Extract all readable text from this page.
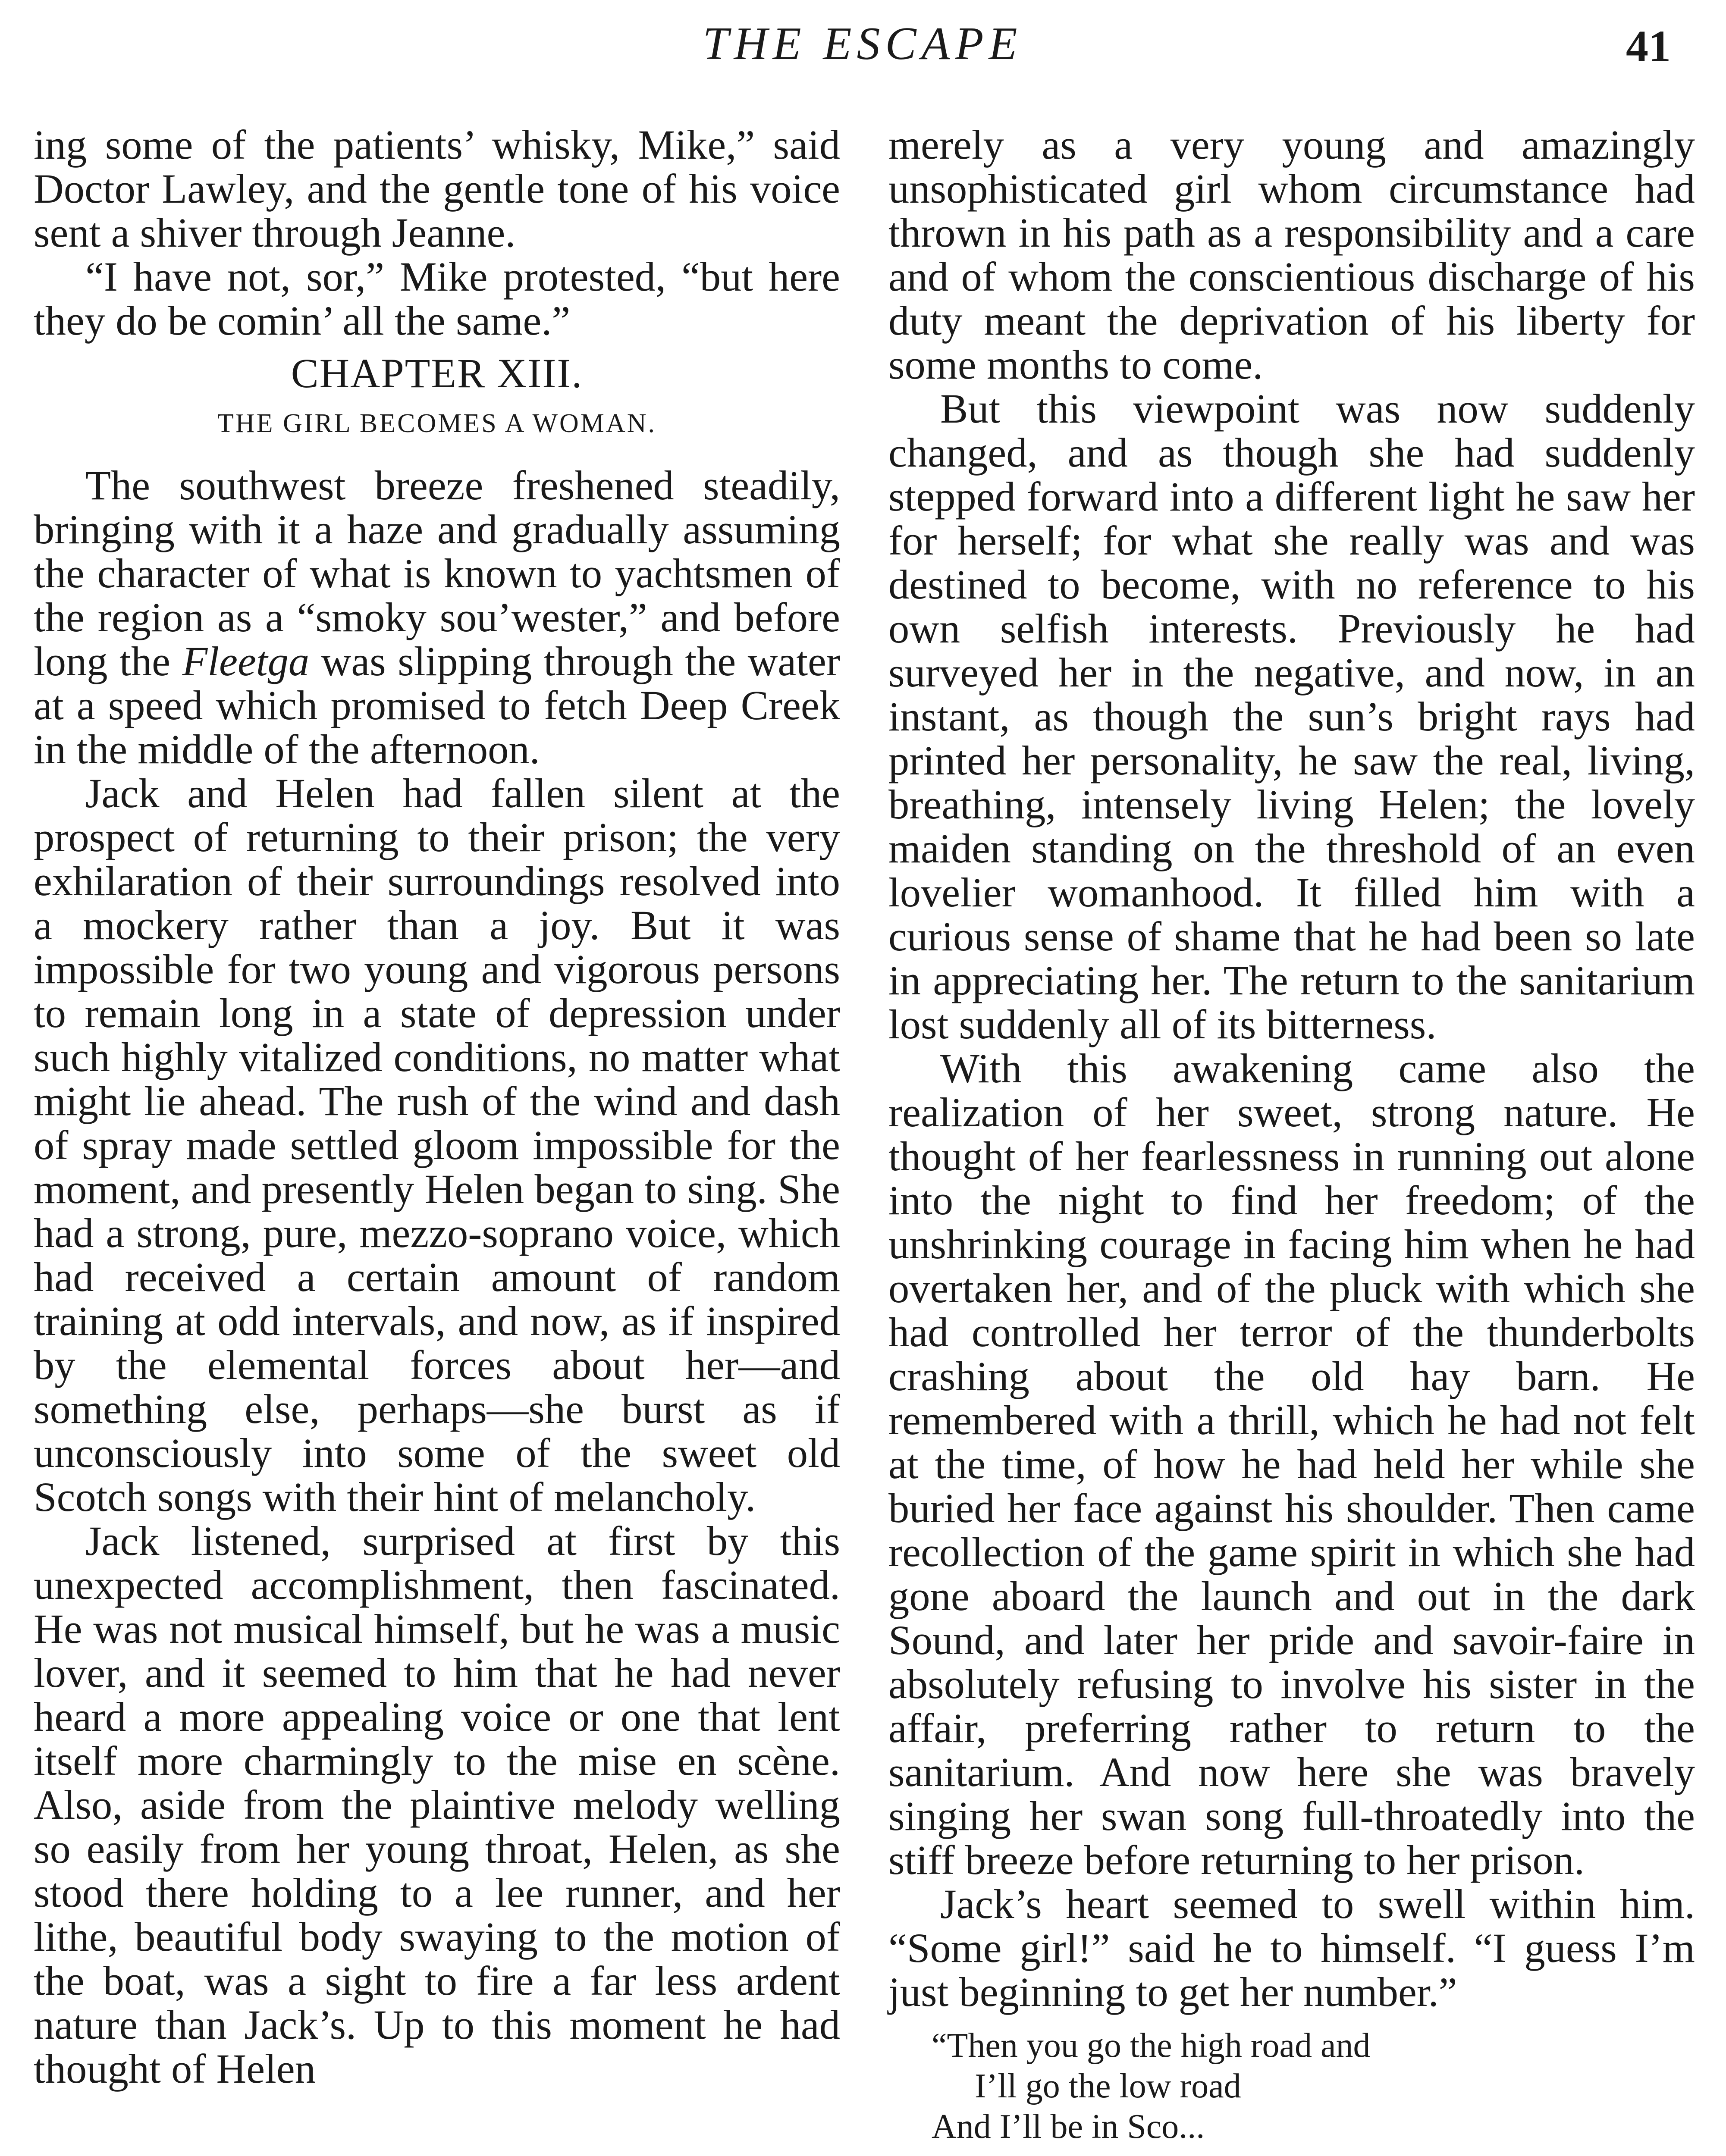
THE ESCAPE	41

ing some of the patients’ whisky, Mike,” said Doctor Lawley, and the gentle tone of his voice sent a shiver through Jeanne.

“I have not, sor,” Mike protested, “but here they do be comin’ all the same.”

CHAPTER XIII.
THE GIRL BECOMES A WOMAN.

The southwest breeze freshened steadily, bringing with it a haze and gradually assuming the character of what is known to yachtsmen of the region as a “smoky sou’wester,” and before long the Fleetga was slipping through the water at a speed which promised to fetch Deep Creek in the middle of the afternoon.

Jack and Helen had fallen silent at the prospect of returning to their prison; the very exhilaration of their surroundings resolved into a mockery rather than a joy. But it was impossible for two young and vigorous persons to remain long in a state of depression under such highly vitalized conditions, no matter what might lie ahead. The rush of the wind and dash of spray made settled gloom impossible for the moment, and presently Helen began to sing. She had a strong, pure, mezzo-soprano voice, which had received a certain amount of random training at odd intervals, and now, as if inspired by the elemental forces about her—and something else, perhaps—she burst as if unconsciously into some of the sweet old Scotch songs with their hint of melancholy.

Jack listened, surprised at first by this unexpected accomplishment, then fascinated. He was not musical himself, but he was a music lover, and it seemed to him that he had never heard a more appealing voice or one that lent itself more charmingly to the mise en scène. Also, aside from the plaintive melody welling so easily from her young throat, Helen, as she stood there holding to a lee runner, and her lithe, beautiful body swaying to the motion of the boat, was a sight to fire a far less ardent nature than Jack’s. Up to this moment he had thought of Helen

merely as a very young and amazingly unsophisticated girl whom circumstance had thrown in his path as a responsibility and a care and of whom the conscientious discharge of his duty meant the deprivation of his liberty for some months to come.

But this viewpoint was now suddenly changed, and as though she had suddenly stepped forward into a different light he saw her for herself; for what she really was and was destined to become, with no reference to his own selfish interests. Previously he had surveyed her in the negative, and now, in an instant, as though the sun’s bright rays had printed her personality, he saw the real, living, breathing, intensely living Helen; the lovely maiden standing on the threshold of an even lovelier womanhood. It filled him with a curious sense of shame that he had been so late in appreciating her. The return to the sanitarium lost suddenly all of its bitterness.

With this awakening came also the realization of her sweet, strong nature. He thought of her fearlessness in running out alone into the night to find her freedom; of the unshrinking courage in facing him when he had overtaken her, and of the pluck with which she had controlled her terror of the thunderbolts crashing about the old hay barn. He remembered with a thrill, which he had not felt at the time, of how he had held her while she buried her face against his shoulder. Then came recollection of the game spirit in which she had gone aboard the launch and out in the dark Sound, and later her pride and savoir-faire in absolutely refusing to involve his sister in the affair, preferring rather to return to the sanitarium. And now here she was bravely singing her swan song full-throatedly into the stiff breeze before returning to her prison.

Jack’s heart seemed to swell within him. “Some girl!” said he to himself. “I guess I’m just beginning to get her number.”

“Then you go the high road and
I’ll go the low road
And I’ll be in Sco...
